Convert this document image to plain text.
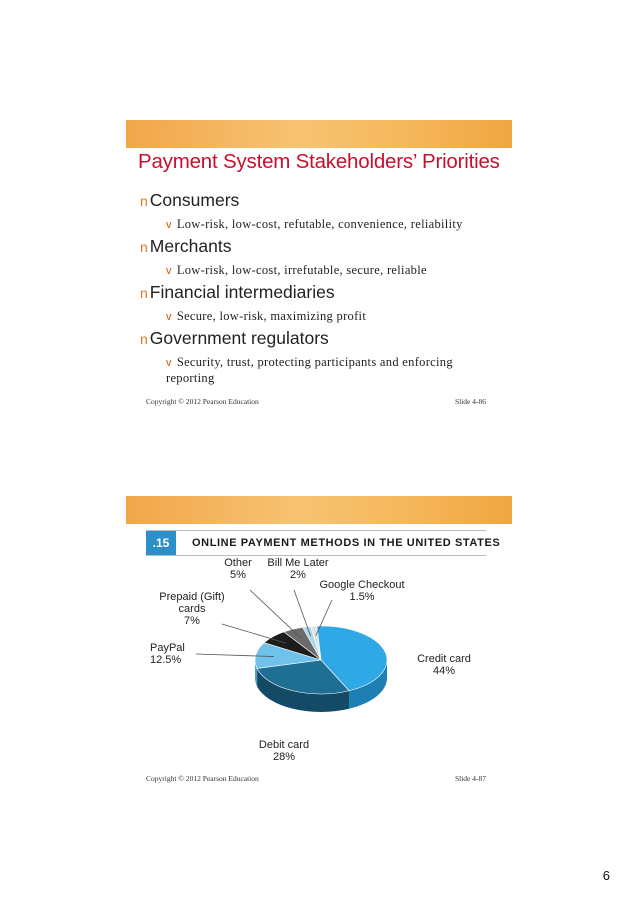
Payment System Stakeholders’ Priorities
n Consumers
v Low-risk, low-cost, refutable, convenience, reliability
n Merchants
v Low-risk, low-cost, irrefutable, secure, reliable
n Financial intermediaries
v Secure, low-risk, maximizing profit
n Government regulators
v Security, trust, protecting participants and enforcing reporting
Copyright © 2012 Pearson Education	Slide 4-86
.15	ONLINE PAYMENT METHODS IN THE UNITED STATES
Credit card 44%
Debit card 28%
PayPal 12.5%
Prepaid (Gift) cards 7%
Other 5%
Bill Me Later 2%
Google Checkout 1.5%
Copyright © 2012 Pearson Education	Slide 4-87
6
